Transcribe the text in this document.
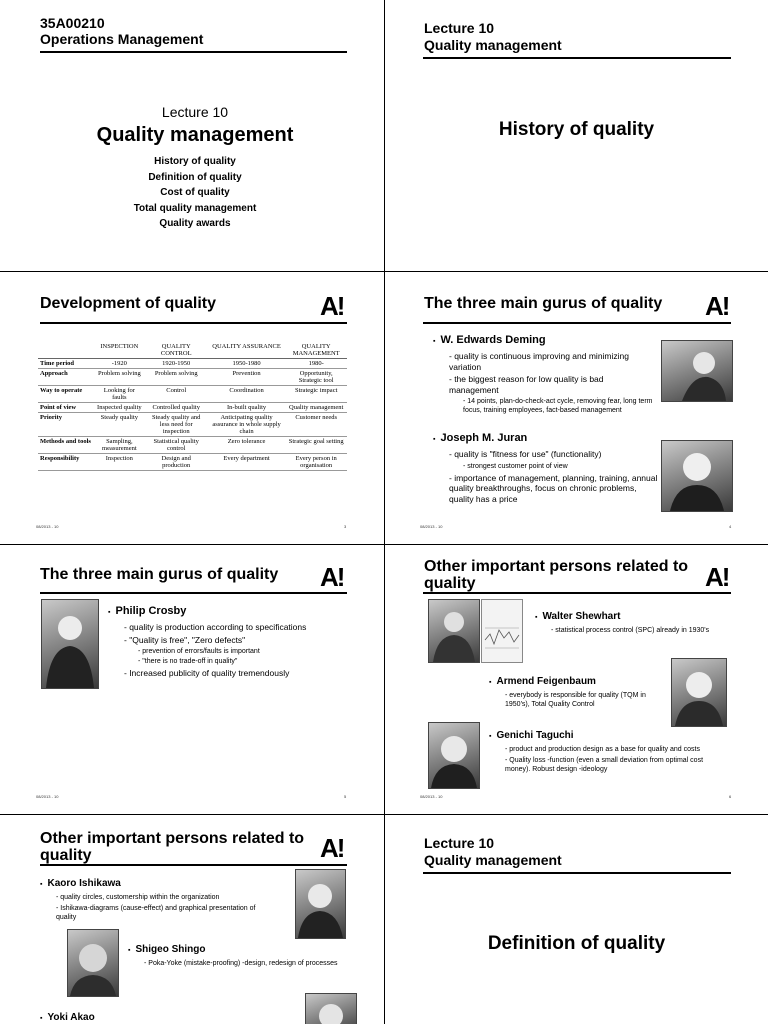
35A00210
Operations Management
Lecture 10
Quality management
History of quality
Definition of quality
Cost of quality
Total quality management
Quality awards
Lecture 10
Quality management
History of quality
Development of quality	A!
	INSPECTION	QUALITY CONTROL	QUALITY ASSURANCE	QUALITY MANAGEMENT
Time period	-1920	1920-1950	1950-1980	1980-
Approach	Problem solving	Problem solving	Prevention	Opportunity, Strategic tool
Way to operate	Looking for faults	Control	Coordination	Strategic impact
Point of view	Inspected quality	Controlled quality	In-built quality	Quality management
Priority	Steady quality	Steady quality and less need for inspection	Anticipating quality assurance in whole supply chain	Customer needs
Methods and tools	Sampling, measurement	Statistical quality control	Zero tolerance	Strategic goal setting
Responsibility	Inspection	Design and production	Every department	Every person in organisation
08/2013 - 10	3
The three main gurus of quality A!
▪ W. Edwards Deming
- quality is continuous improving and minimizing variation
- the biggest reason for low quality is bad management
- 14 points, plan-do-check-act cycle, removing fear, long term focus, training employees, fact-based management
▪ Joseph M. Juran
- quality is "fitness for use" (functionality)
- strongest customer point of view
- importance of management, planning, training, annual quality breakthroughs, focus on chronic problems, quality has a price
08/2013 - 10	4
The three main gurus of quality A!
▪ Philip Crosby
- quality is production according to specifications
- "Quality is free", "Zero defects"
- prevention of errors/faults is important
- "there is no trade-off in quality"
- Increased publicity of quality tremendously
08/2013 - 10	5
Other important persons related to
quality	A!
▪ Walter Shewhart
- statistical process control (SPC) already in 1930's
▪ Armend Feigenbaum
- everybody is responsible for quality (TQM in 1950's), Total Quality Control
▪ Genichi Taguchi
- product and production design as a base for quality and costs
- Quality loss -function (even a small deviation from optimal cost money). Robust design -ideology
08/2013 - 10	6
Other important persons related to
quality	A!
▪ Kaoro Ishikawa
- quality circles, customership within the organization
- Ishikawa-diagrams (cause-effect) and graphical presentation of quality
▪ Shigeo Shingo
- Poka-Yoke (mistake-proofing) -design, redesign of processes
▪ Yoki Akao
Lecture 10
Quality management
Definition of quality
